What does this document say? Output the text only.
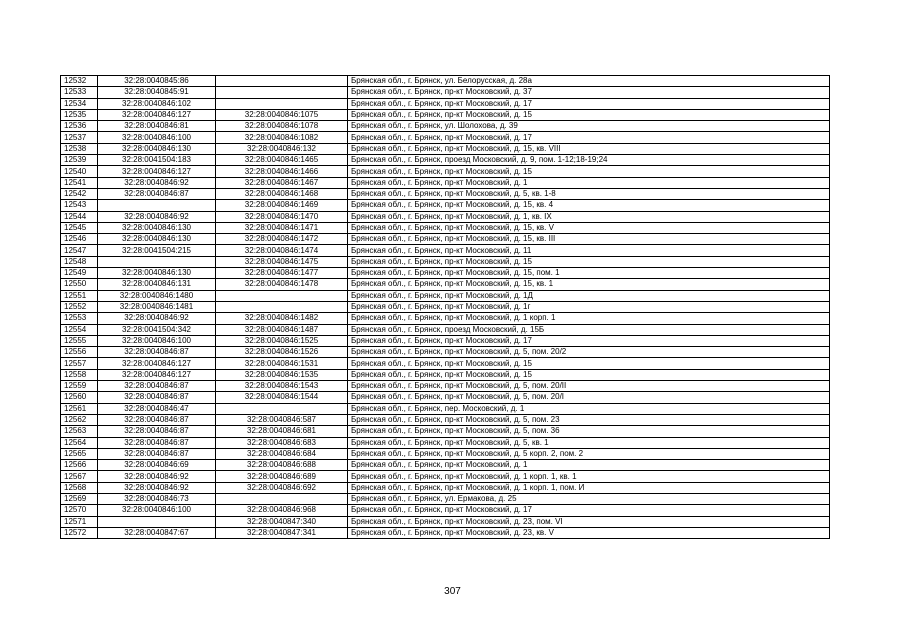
12532	32:28:0040845:86		Брянская обл., г. Брянск, ул. Белорусская, д. 28а
12533	32:28:0040845:91		Брянская обл., г. Брянск, пр-кт Московский, д. 37
12534	32:28:0040846:102		Брянская обл., г. Брянск, пр-кт Московский, д. 17
12535	32:28:0040846:127	32:28:0040846:1075	Брянская обл., г. Брянск, пр-кт Московский, д. 15
12536	32:28:0040846:81	32:28:0040846:1078	Брянская обл., г. Брянск, ул. Шолохова, д. 39
12537	32:28:0040846:100	32:28:0040846:1082	Брянская обл., г. Брянск, пр-кт Московский, д. 17
12538	32:28:0040846:130	32:28:0040846:132	Брянская обл., г. Брянск, пр-кт Московский, д. 15, кв. VIII
12539	32:28:0041504:183	32:28:0040846:1465	Брянская обл., г. Брянск, проезд Московский, д. 9, пом. 1-12;18-19;24
12540	32:28:0040846:127	32:28:0040846:1466	Брянская обл., г. Брянск, пр-кт Московский, д. 15
12541	32:28:0040846:92	32:28:0040846:1467	Брянская обл., г. Брянск, пр-кт Московский, д. 1
12542	32:28:0040846:87	32:28:0040846:1468	Брянская обл., г. Брянск, пр-кт Московский, д. 5, кв. 1-8
12543		32:28:0040846:1469	Брянская обл., г. Брянск, пр-кт Московский, д. 15, кв. 4
12544	32:28:0040846:92	32:28:0040846:1470	Брянская обл., г. Брянск, пр-кт Московский, д. 1, кв. IX
12545	32:28:0040846:130	32:28:0040846:1471	Брянская обл., г. Брянск, пр-кт Московский, д. 15, кв. V
12546	32:28:0040846:130	32:28:0040846:1472	Брянская обл., г. Брянск, пр-кт Московский, д. 15, кв. III
12547	32:28:0041504:215	32:28:0040846:1474	Брянская обл., г. Брянск, пр-кт Московский, д. 11
12548		32:28:0040846:1475	Брянская обл., г. Брянск, пр-кт Московский, д. 15
12549	32:28:0040846:130	32:28:0040846:1477	Брянская обл., г. Брянск, пр-кт Московский, д. 15, пом. 1
12550	32:28:0040846:131	32:28:0040846:1478	Брянская обл., г. Брянск, пр-кт Московский, д. 15, кв. 1
12551	32:28:0040846:1480		Брянская обл., г. Брянск, пр-кт Московский, д. 1Д
12552	32:28:0040846:1481		Брянская обл., г. Брянск, пр-кт Московский, д. 1г
12553	32:28:0040846:92	32:28:0040846:1482	Брянская обл., г. Брянск, пр-кт Московский, д. 1 корп. 1
12554	32:28:0041504:342	32:28:0040846:1487	Брянская обл., г. Брянск, проезд Московский, д. 15Б
12555	32:28:0040846:100	32:28:0040846:1525	Брянская обл., г. Брянск, пр-кт Московский, д. 17
12556	32:28:0040846:87	32:28:0040846:1526	Брянская обл., г. Брянск, пр-кт Московский, д. 5, пом. 20/2
12557	32:28:0040846:127	32:28:0040846:1531	Брянская обл., г. Брянск, пр-кт Московский, д. 15
12558	32:28:0040846:127	32:28:0040846:1535	Брянская обл., г. Брянск, пр-кт Московский, д. 15
12559	32:28:0040846:87	32:28:0040846:1543	Брянская обл., г. Брянск, пр-кт Московский, д. 5, пом. 20/II
12560	32:28:0040846:87	32:28:0040846:1544	Брянская обл., г. Брянск, пр-кт Московский, д. 5, пом. 20/I
12561	32:28:0040846:47		Брянская обл., г. Брянск, пер. Московский, д. 1
12562	32:28:0040846:87	32:28:0040846:587	Брянская обл., г. Брянск, пр-кт Московский, д. 5, пом. 23
12563	32:28:0040846:87	32:28:0040846:681	Брянская обл., г. Брянск, пр-кт Московский, д. 5, пом. 36
12564	32:28:0040846:87	32:28:0040846:683	Брянская обл., г. Брянск, пр-кт Московский, д. 5, кв. 1
12565	32:28:0040846:87	32:28:0040846:684	Брянская обл., г. Брянск, пр-кт Московский, д. 5 корп. 2, пом. 2
12566	32:28:0040846:69	32:28:0040846:688	Брянская обл., г. Брянск, пр-кт Московский, д. 1
12567	32:28:0040846:92	32:28:0040846:689	Брянская обл., г. Брянск, пр-кт Московский, д. 1 корп. 1, кв. 1
12568	32:28:0040846:92	32:28:0040846:692	Брянская обл., г. Брянск, пр-кт Московский, д. 1 корп. 1, пом. И
12569	32:28:0040846:73		Брянская обл., г. Брянск, ул. Ермакова, д. 25
12570	32:28:0040846:100	32:28:0040846:968	Брянская обл., г. Брянск, пр-кт Московский, д. 17
12571		32:28:0040847:340	Брянская обл., г. Брянск, пр-кт Московский, д. 23, пом. VI
12572	32:28:0040847:67	32:28:0040847:341	Брянская обл., г. Брянск, пр-кт Московский, д. 23, кв. V
307
